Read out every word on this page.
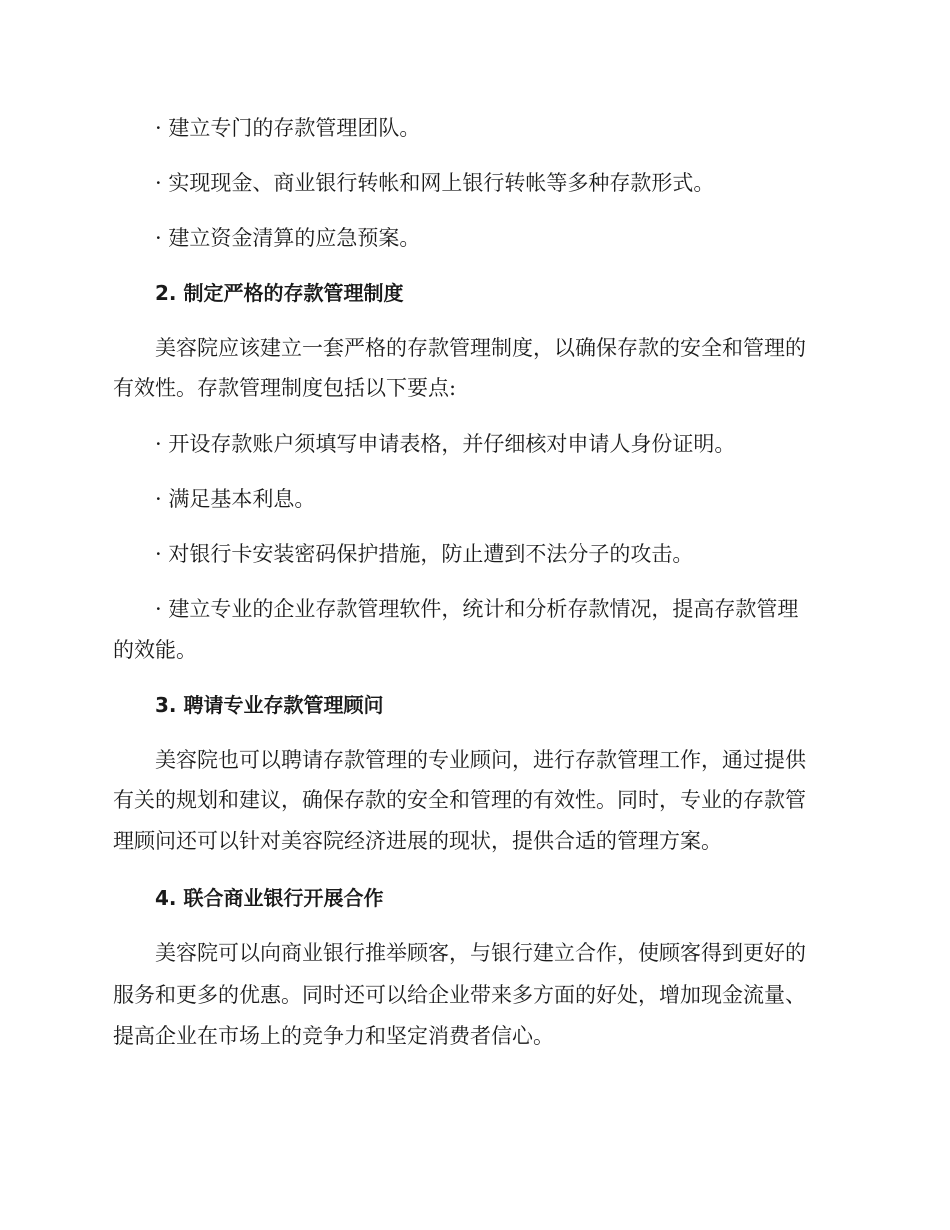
· 建立专门的存款管理团队。
· 实现现金、商业银行转帐和网上银行转帐等多种存款形式。
· 建立资金清算的应急预案。
2. 制定严格的存款管理制度
美容院应该建立一套严格的存款管理制度，以确保存款的安全和管理的
有效性。存款管理制度包括以下要点:
· 开设存款账户须填写申请表格，并仔细核对申请人身份证明。
· 满足基本利息。
· 对银行卡安装密码保护措施，防止遭到不法分子的攻击。
· 建立专业的企业存款管理软件，统计和分析存款情况，提高存款管理
的效能。
3. 聘请专业存款管理顾问
美容院也可以聘请存款管理的专业顾问，进行存款管理工作，通过提供
有关的规划和建议，确保存款的安全和管理的有效性。同时，专业的存款管
理顾问还可以针对美容院经济进展的现状，提供合适的管理方案。
4. 联合商业银行开展合作
美容院可以向商业银行推举顾客，与银行建立合作，使顾客得到更好的
服务和更多的优惠。同时还可以给企业带来多方面的好处，增加现金流量、
提高企业在市场上的竞争力和坚定消费者信心。
